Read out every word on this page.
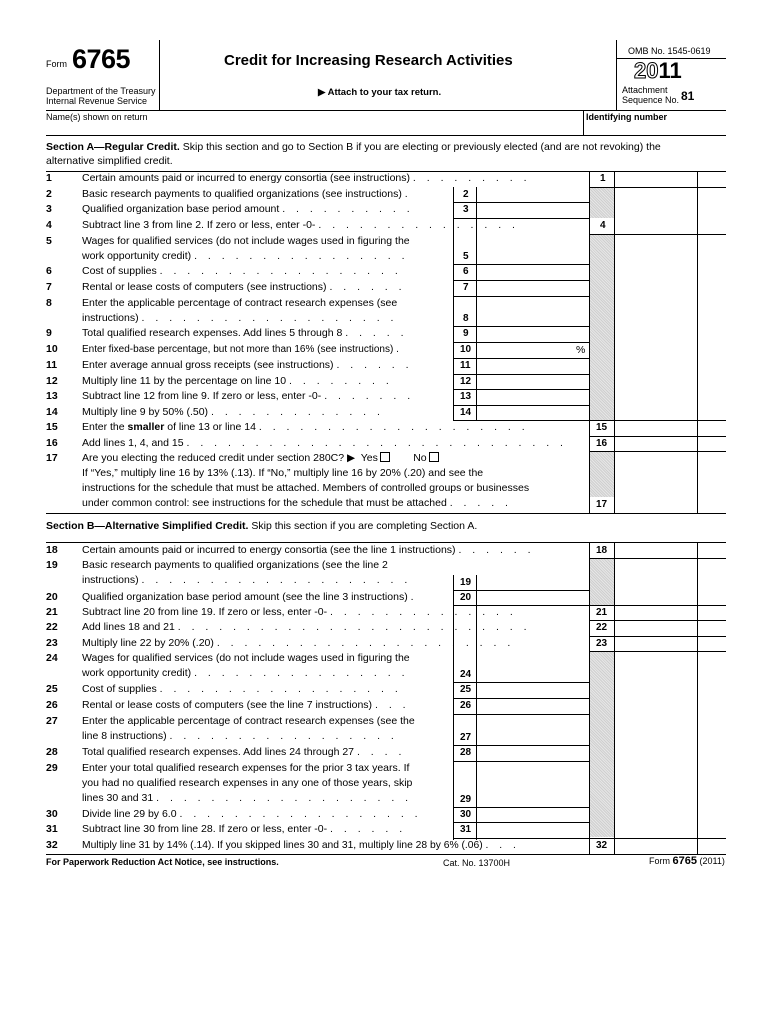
Form 6765
Department of the Treasury
Internal Revenue Service
Credit for Increasing Research Activities
▶ Attach to your tax return.
OMB No. 1545-0619
2011
Attachment
Sequence No. 81
Name(s) shown on return	Identifying number
Section A—Regular Credit. Skip this section and go to Section B if you are electing or previously elected (and are not revoking) the
alternative simplified credit.
1	Certain amounts paid or incurred to energy consortia (see instructions) . . . . . . . . .	1
2	Basic research payments to qualified organizations (see instructions) .	2
3	Qualified organization base period amount . . . . . . . . . .	3
4	Subtract line 3 from line 2. If zero or less, enter -0- . . . . . . . . . . . . . . .	4
5	Wages for qualified services (do not include wages used in figuring the
work opportunity credit) . . . . . . . . . . . . . . . .	5
6	Cost of supplies . . . . . . . . . . . . . . . . . .	6
7	Rental or lease costs of computers (see instructions) . . . . . .	7
8	Enter the applicable percentage of contract research expenses (see
instructions) . . . . . . . . . . . . . . . . . . .	8
9	Total qualified research expenses. Add lines 5 through 8 . . . . .	9
10	Enter fixed-base percentage, but not more than 16% (see instructions) .	10	%
11	Enter average annual gross receipts (see instructions) . . . . . .	11
12	Multiply line 11 by the percentage on line 10 . . . . . . . .	12
13	Subtract line 12 from line 9. If zero or less, enter -0- . . . . . . .	13
14	Multiply line 9 by 50% (.50) . . . . . . . . . . . . .	14
15	Enter the smaller of line 13 or line 14 . . . . . . . . . . . . . . . . . . . .	15
16	Add lines 1, 4, and 15 . . . . . . . . . . . . . . . . . . . . . . . . . . . .	16
17	Are you electing the reduced credit under section 280C? ▶ Yes	No
If “Yes,” multiply line 16 by 13% (.13). If “No,” multiply line 16 by 20% (.20) and see the
instructions for the schedule that must be attached. Members of controlled groups or businesses
under common control: see instructions for the schedule that must be attached . . . . .	17
Section B—Alternative Simplified Credit. Skip this section if you are completing Section A.
18	Certain amounts paid or incurred to energy consortia (see the line 1 instructions) . . . . . .	18
19	Basic research payments to qualified organizations (see the line 2
instructions) . . . . . . . . . . . . . . . . . . . .	19
20	Qualified organization base period amount (see the line 3 instructions) .	20
21	Subtract line 20 from line 19. If zero or less, enter -0- . . . . . . . . . . . . . .	21
22	Add lines 18 and 21 . . . . . . . . . . . . . . . . . . . . . . . . . .	22
23	Multiply line 22 by 20% (.20) . . . . . . . . . . . . . . . . . . . . . .	23
24	Wages for qualified services (do not include wages used in figuring the
work opportunity credit) . . . . . . . . . . . . . . . .	24
25	Cost of supplies . . . . . . . . . . . . . . . . . .	25
26	Rental or lease costs of computers (see the line 7 instructions) . . .	26
27	Enter the applicable percentage of contract research expenses (see the
line 8 instructions) . . . . . . . . . . . . . . . . .	27
28	Total qualified research expenses. Add lines 24 through 27 . . . .	28
29	Enter your total qualified research expenses for the prior 3 tax years. If
you had no qualified research expenses in any one of those years, skip
lines 30 and 31 . . . . . . . . . . . . . . . . . . .	29
30	Divide line 29 by 6.0 . . . . . . . . . . . . . . . . . .	30
31	Subtract line 30 from line 28. If zero or less, enter -0- . . . . . .	31
32	Multiply line 31 by 14% (.14). If you skipped lines 30 and 31, multiply line 28 by 6% (.06) . . .	32
For Paperwork Reduction Act Notice, see instructions.	Cat. No. 13700H	Form 6765 (2011)
